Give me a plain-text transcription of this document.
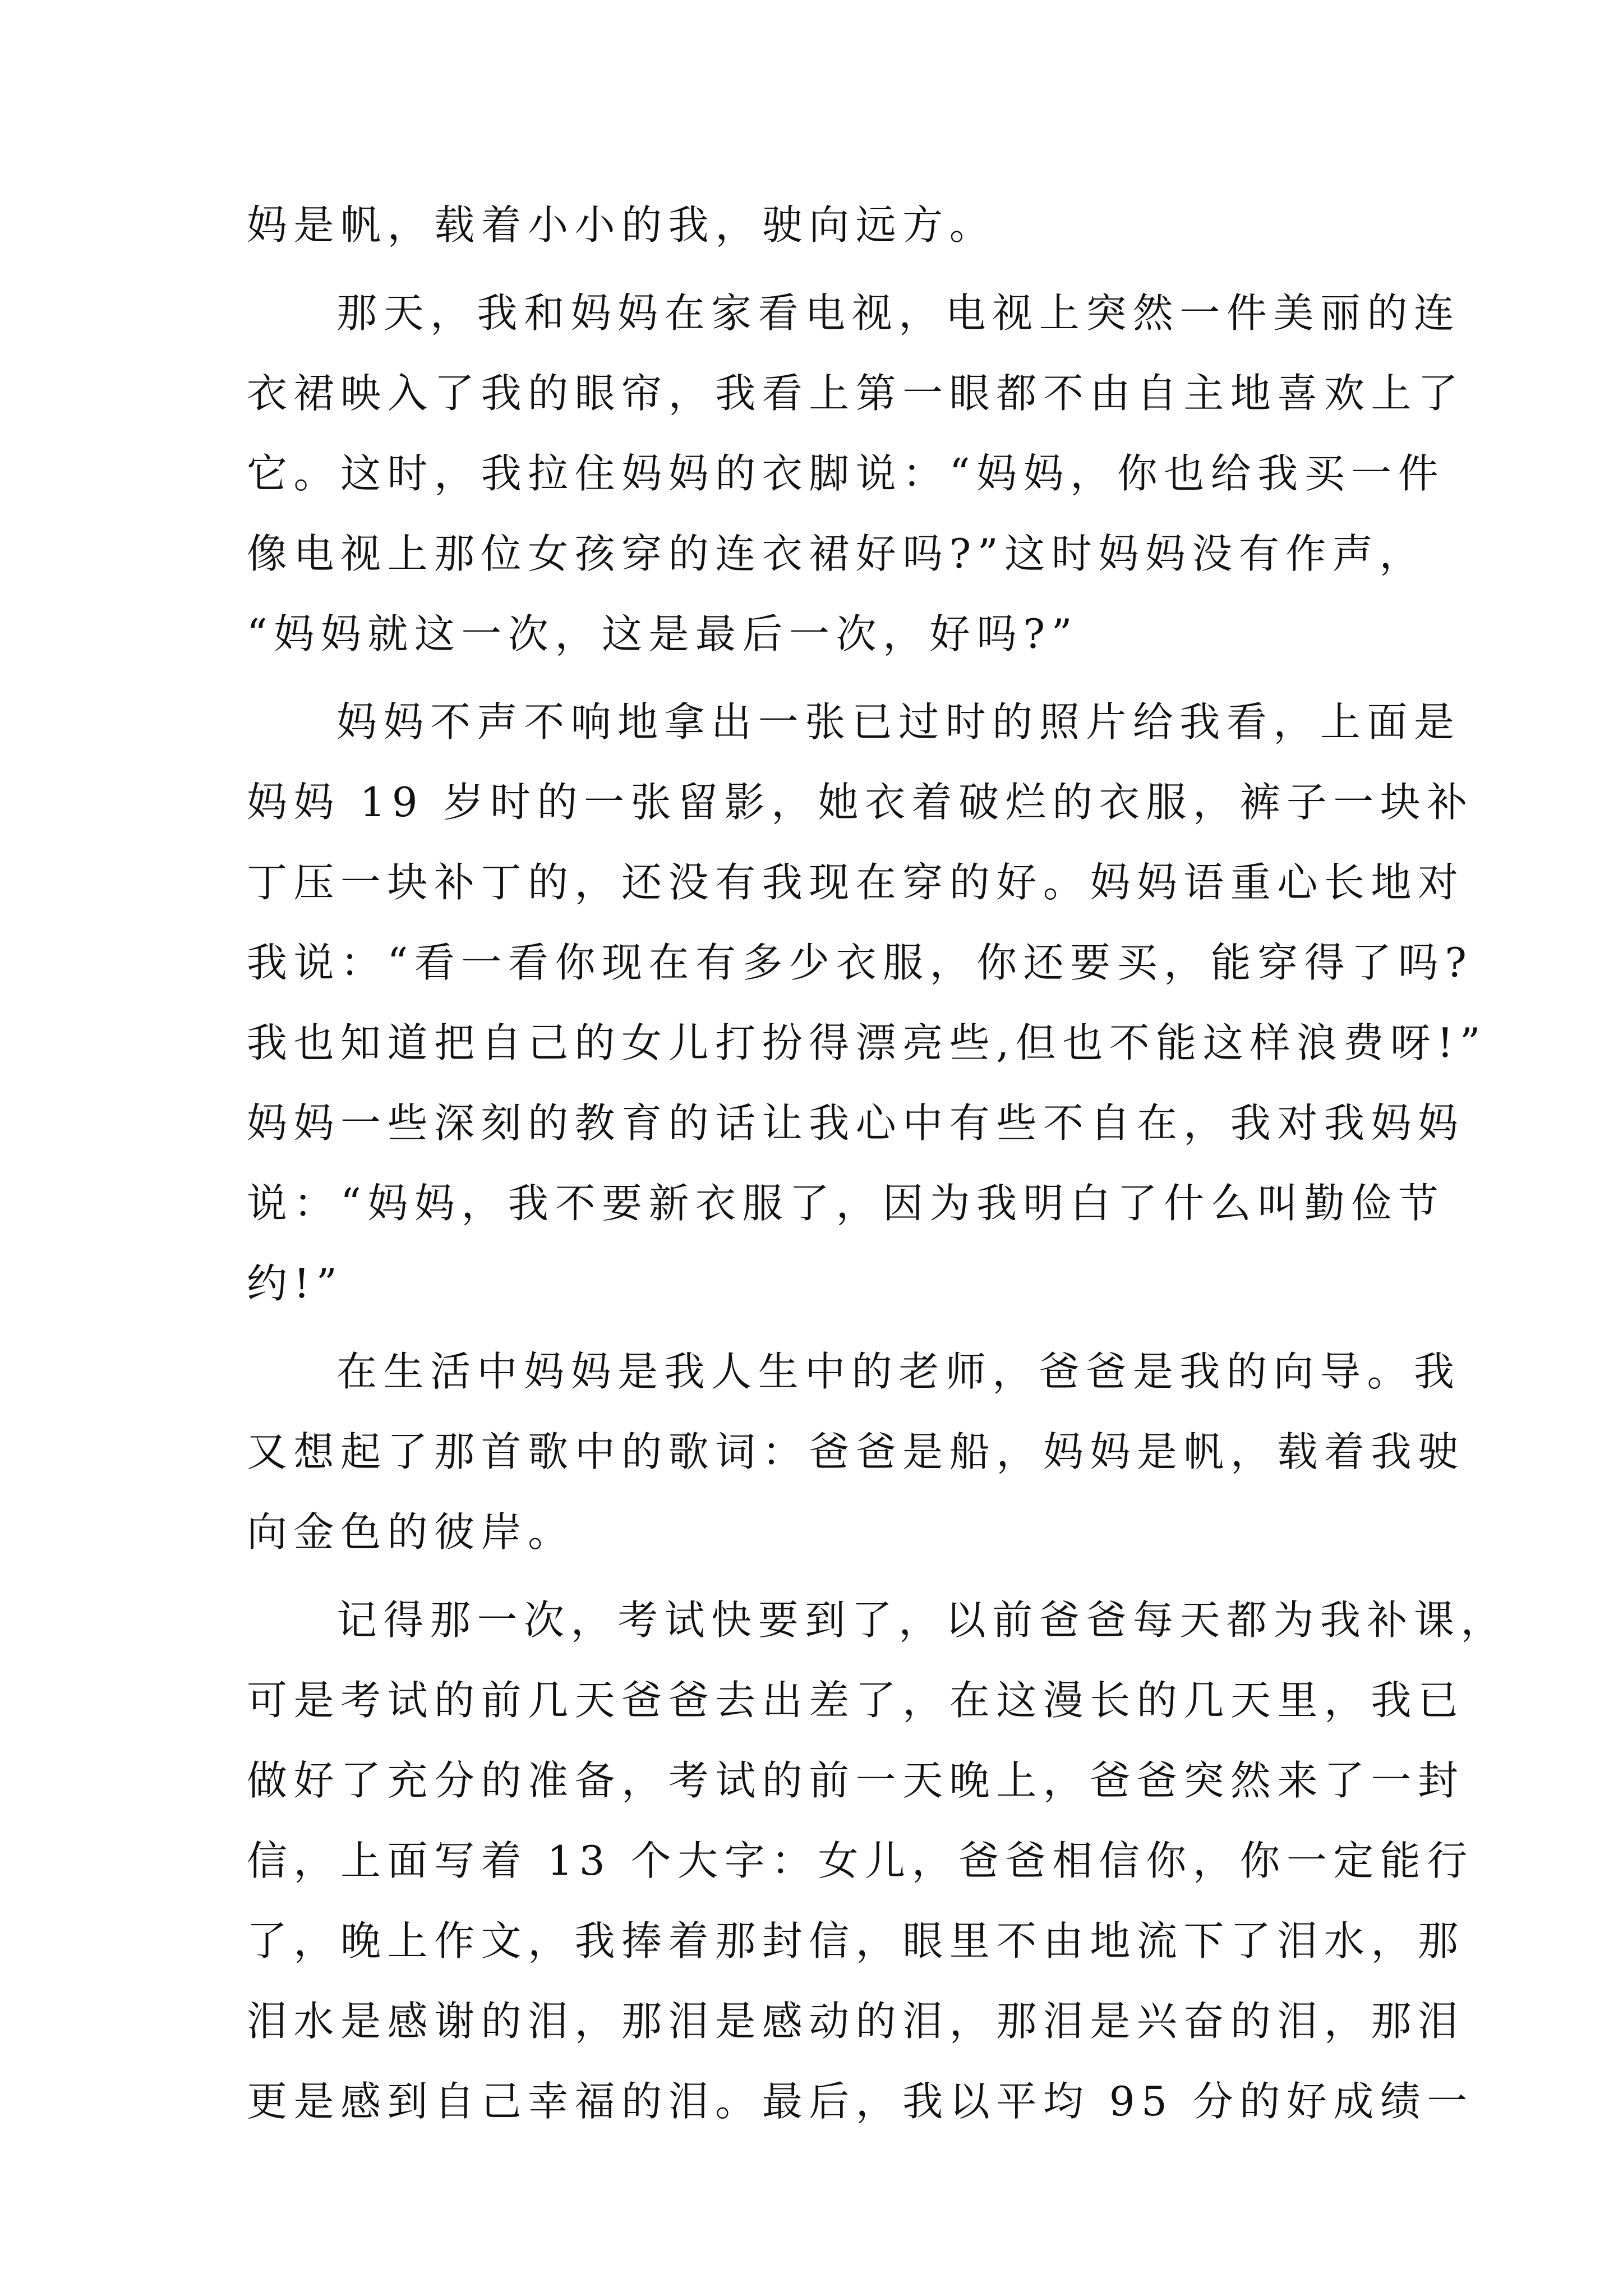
妈是帆，载着小小的我，驶向远方。
那天，我和妈妈在家看电视，电视上突然一件美丽的连
衣裙映入了我的眼帘，我看上第一眼都不由自主地喜欢上了
它。这时，我拉住妈妈的衣脚说：“妈妈，你也给我买一件
像电视上那位女孩穿的连衣裙好吗?”这时妈妈没有作声，
“妈妈就这一次，这是最后一次，好吗?”
妈妈不声不响地拿出一张已过时的照片给我看，上面是
妈妈 19 岁时的一张留影，她衣着破烂的衣服，裤子一块补
丁压一块补丁的，还没有我现在穿的好。妈妈语重心长地对
我说：“看一看你现在有多少衣服，你还要买，能穿得了吗?
我也知道把自己的女儿打扮得漂亮些,但也不能这样浪费呀!”
妈妈一些深刻的教育的话让我心中有些不自在，我对我妈妈
说：“妈妈，我不要新衣服了，因为我明白了什么叫勤俭节
约!”
在生活中妈妈是我人生中的老师，爸爸是我的向导。我
又想起了那首歌中的歌词：爸爸是船，妈妈是帆，载着我驶
向金色的彼岸。
记得那一次，考试快要到了，以前爸爸每天都为我补课，
可是考试的前几天爸爸去出差了，在这漫长的几天里，我已
做好了充分的准备，考试的前一天晚上，爸爸突然来了一封
信，上面写着 13 个大字：女儿，爸爸相信你，你一定能行
了，晚上作文，我捧着那封信，眼里不由地流下了泪水，那
泪水是感谢的泪，那泪是感动的泪，那泪是兴奋的泪，那泪
更是感到自己幸福的泪。最后，我以平均 95 分的好成绩一
